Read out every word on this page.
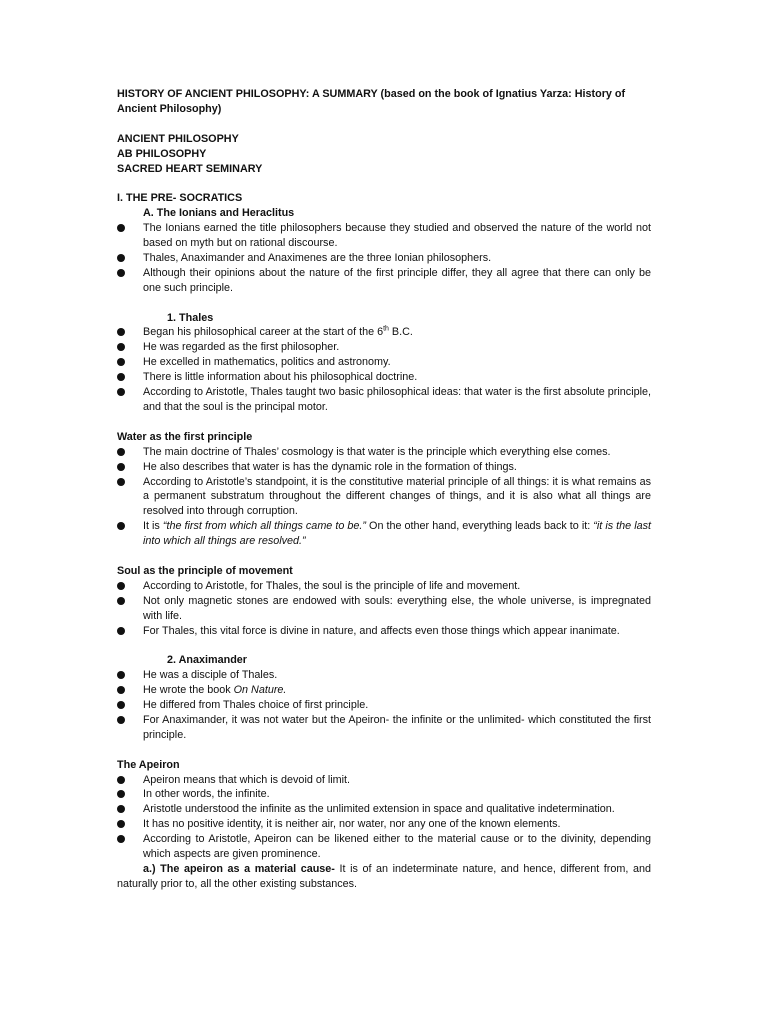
HISTORY OF ANCIENT PHILOSOPHY: A SUMMARY (based on the book of Ignatius Yarza: History of Ancient Philosophy)
ANCIENT PHILOSOPHY
AB PHILOSOPHY
SACRED HEART SEMINARY
I. THE PRE- SOCRATICS
A. The Ionians and Heraclitus
The Ionians earned the title philosophers because they studied and observed the nature of the world not based on myth but on rational discourse.
Thales, Anaximander and Anaximenes are the three Ionian philosophers.
Although their opinions about the nature of the first principle differ, they all agree that there can only be one such principle.
1. Thales
Began his philosophical career at the start of the 6th B.C.
He was regarded as the first philosopher.
He excelled in mathematics, politics and astronomy.
There is little information about his philosophical doctrine.
According to Aristotle, Thales taught two basic philosophical ideas: that water is the first absolute principle, and that the soul is the principal motor.
Water as the first principle
The main doctrine of Thales’ cosmology is that water is the principle which everything else comes.
He also describes that water is has the dynamic role in the formation of things.
According to Aristotle’s standpoint, it is the constitutive material principle of all things: it is what remains as a permanent substratum throughout the different changes of things, and it is also what all things are resolved into through corruption.
It is “the first from which all things came to be.” On the other hand, everything leads back to it: “it is the last into which all things are resolved.”
Soul as the principle of movement
According to Aristotle, for Thales, the soul is the principle of life and movement.
Not only magnetic stones are endowed with souls: everything else, the whole universe, is impregnated with life.
For Thales, this vital force is divine in nature, and affects even those things which appear inanimate.
2. Anaximander
He was a disciple of Thales.
He wrote the book On Nature.
He differed from Thales choice of first principle.
For Anaximander, it was not water but the Apeiron- the infinite or the unlimited- which constituted the first principle.
The Apeiron
Apeiron means that which is devoid of limit.
In other words, the infinite.
Aristotle understood the infinite as the unlimited extension in space and qualitative indetermination.
It has no positive identity, it is neither air, nor water, nor any one of the known elements.
According to Aristotle, Apeiron can be likened either to the material cause or to the divinity, depending which aspects are given prominence.
a.) The apeiron as a material cause- It is of an indeterminate nature, and hence, different from, and naturally prior to, all the other existing substances.
